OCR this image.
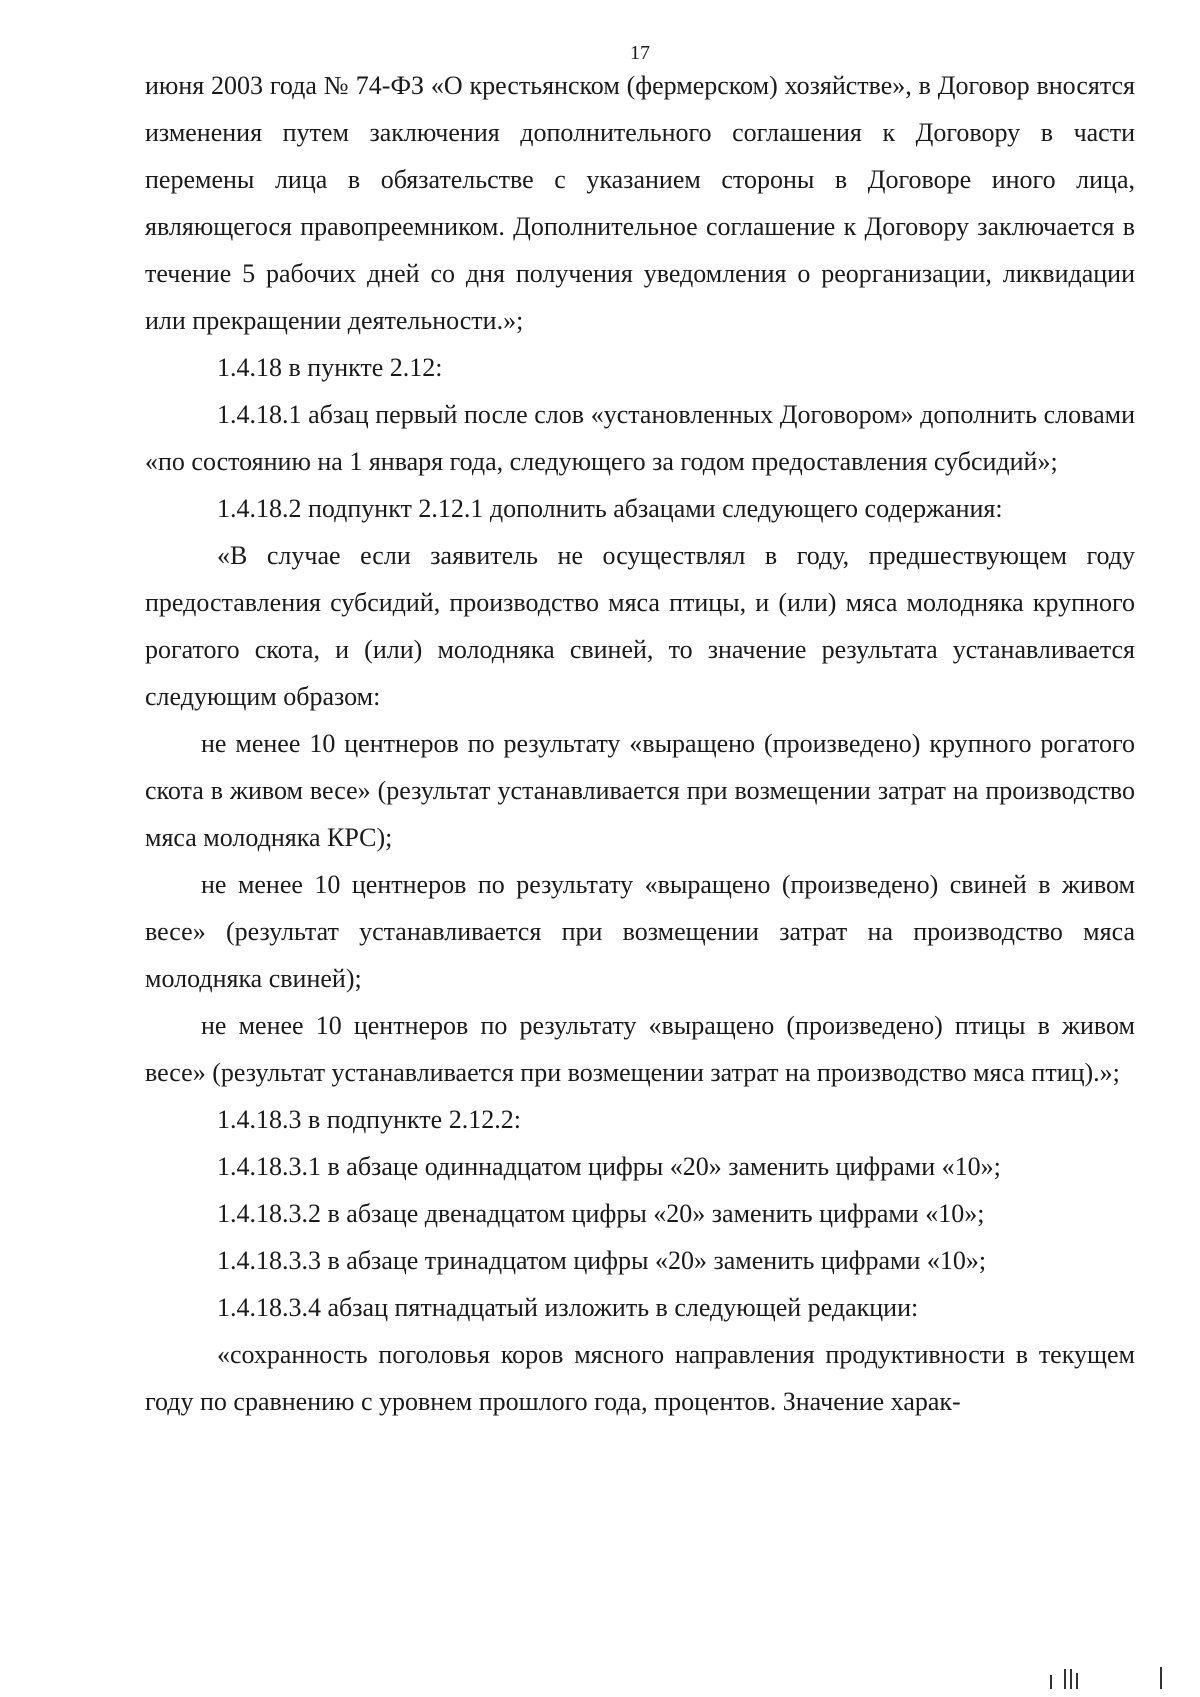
17

июня 2003 года № 74-ФЗ «О крестьянском (фермерском) хозяйстве», в Договор вносятся изменения путем заключения дополнительного соглашения к Договору в части перемены лица в обязательстве с указанием стороны в Договоре иного лица, являющегося правопреемником. Дополнительное соглашение к Договору заключается в течение 5 рабочих дней со дня получения уведомления о реорганизации, ликвидации или прекращении деятельности.»;

1.4.18 в пункте 2.12:

1.4.18.1 абзац первый после слов «установленных Договором» дополнить словами «по состоянию на 1 января года, следующего за годом предоставления субсидий»;

1.4.18.2 подпункт 2.12.1 дополнить абзацами следующего содержания:

«В случае если заявитель не осуществлял в году, предшествующем году предоставления субсидий, производство мяса птицы, и (или) мяса молодняка крупного рогатого скота, и (или) молодняка свиней, то значение результата устанавливается следующим образом:

не менее 10 центнеров по результату «выращено (произведено) крупного рогатого скота в живом весе» (результат устанавливается при возмещении затрат на производство мяса молодняка КРС);

не менее 10 центнеров по результату «выращено (произведено) свиней в живом весе» (результат устанавливается при возмещении затрат на производство мяса молодняка свиней);

не менее 10 центнеров по результату «выращено (произведено) птицы в живом весе» (результат устанавливается при возмещении затрат на производство мяса птиц).»;

1.4.18.3 в подпункте 2.12.2:

1.4.18.3.1 в абзаце одиннадцатом цифры «20» заменить цифрами «10»;

1.4.18.3.2 в абзаце двенадцатом цифры «20» заменить цифрами «10»;

1.4.18.3.3 в абзаце тринадцатом цифры «20» заменить цифрами «10»;

1.4.18.3.4 абзац пятнадцатый изложить в следующей редакции:

«сохранность поголовья коров мясного направления продуктивности в текущем году по сравнению с уровнем прошлого года, процентов. Значение харак-
